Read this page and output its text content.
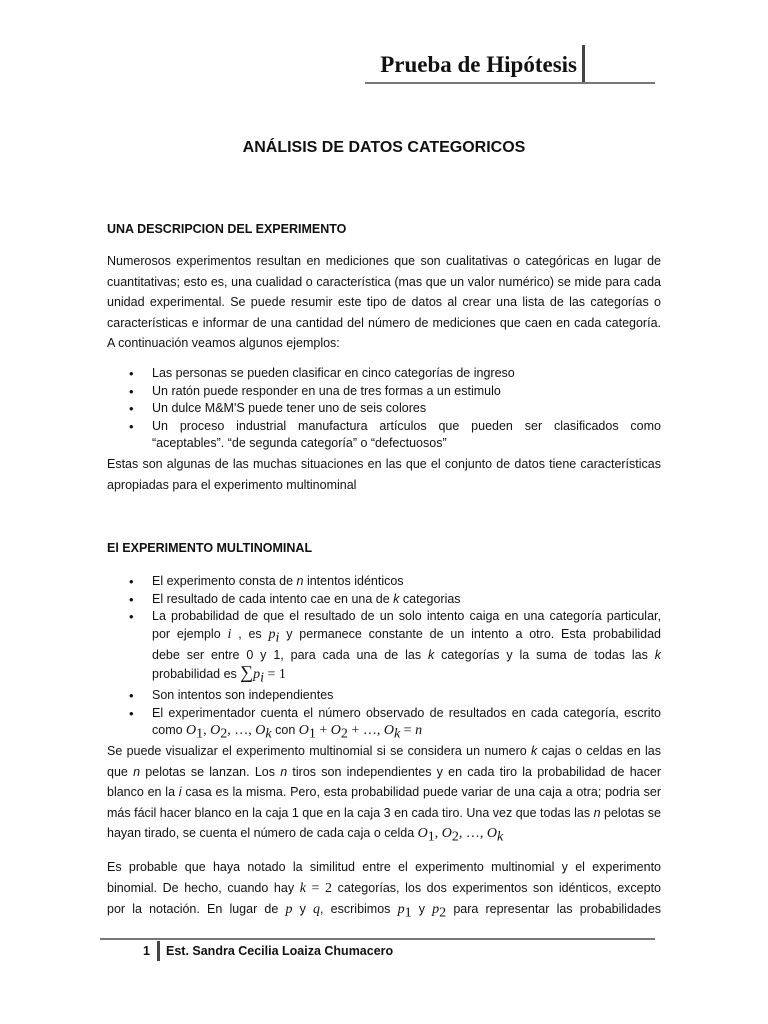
Prueba de Hipótesis
ANÁLISIS DE DATOS CATEGORICOS
UNA DESCRIPCION DEL EXPERIMENTO
Numerosos experimentos resultan en mediciones que son cualitativas o categóricas en lugar de
cuantitativas; esto es, una cualidad o característica (mas que un valor numérico) se mide para cada
unidad experimental. Se puede resumir este tipo de datos al crear una lista de las categorías o
características e informar de una cantidad del número de mediciones que caen en cada categoría.
A continuación veamos algunos ejemplos:
• Las personas se pueden clasificar en cinco categorías de ingreso
• Un ratón puede responder en una de tres formas a un estimulo
• Un dulce M&M'S puede tener uno de seis colores
• Un proceso industrial manufactura artículos que pueden ser clasificados como
“aceptables”. “de segunda categoría” o “defectuosos”
Estas son algunas de las muchas situaciones en las que el conjunto de datos tiene características
apropiadas para el experimento multinominal
El EXPERIMENTO MULTINOMINAL
• El experimento consta de n intentos idénticos
• El resultado de cada intento cae en una de k categorias
• La probabilidad de que el resultado de un solo intento caiga en una categoría particular,
por ejemplo i , es $p_i$ y permanece constante de un intento a otro. Esta probabilidad
debe ser entre 0 y 1, para cada una de las k categorías y la suma de todas las k
probabilidad es $\sum p_i = 1$
• Son intentos son independientes
• El experimentador cuenta el número observado de resultados en cada categoría, escrito
como $O_1$, $O_2$, …, $O_k$ con $O_1 + O_2$ + …, $O_k = n$
Se puede visualizar el experimento multinomial si se considera un numero k cajas o celdas en las
que n pelotas se lanzan. Los n tiros son independientes y en cada tiro la probabilidad de hacer
blanco en la i casa es la misma. Pero, esta probabilidad puede variar de una caja a otra; podria ser
más fácil hacer blanco en la caja 1 que en la caja 3 en cada tiro. Una vez que todas las n pelotas se
hayan tirado, se cuenta el número de cada caja o celda $O_1$, $O_2$, …, $O_k$
Es probable que haya notado la similitud entre el experimento multinomial y el experimento
binomial. De hecho, cuando hay k = 2 categorías, los dos experimentos son idénticos, excepto
por la notación. En lugar de p y q, escribimos $p_1$ y $p_2$ para representar las probabilidades
1 Est. Sandra Cecilia Loaiza Chumacero
